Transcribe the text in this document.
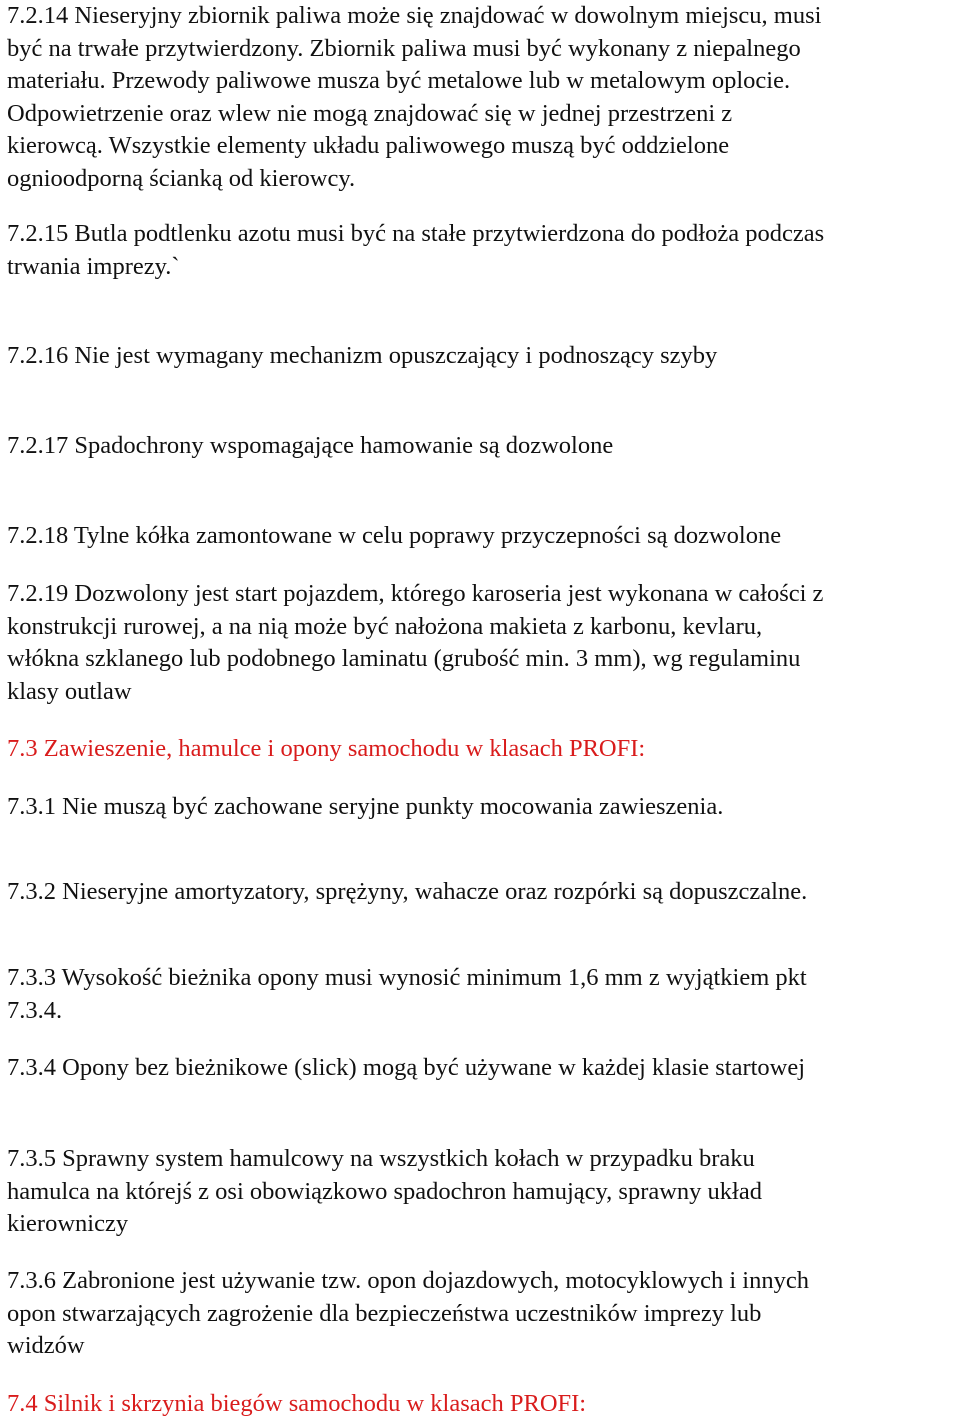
7.2.14 Nieseryjny zbiornik paliwa może się znajdować w dowolnym miejscu, musi
być na trwałe przytwierdzony. Zbiornik paliwa musi być wykonany z niepalnego
materiału. Przewody paliwowe musza być metalowe lub w metalowym oplocie.
Odpowietrzenie oraz wlew nie mogą znajdować się w jednej przestrzeni z
kierowcą. Wszystkie elementy układu paliwowego muszą być oddzielone
ognioodporną ścianką od kierowcy.

7.2.15 Butla podtlenku azotu musi być na stałe przytwierdzona do podłoża podczas
trwania imprezy.`

7.2.16 Nie jest wymagany mechanizm opuszczający i podnoszący szyby

7.2.17 Spadochrony wspomagające hamowanie są dozwolone

7.2.18 Tylne kółka zamontowane w celu poprawy przyczepności są dozwolone

7.2.19 Dozwolony jest start pojazdem, którego karoseria jest wykonana w całości z
konstrukcji rurowej, a na nią może być nałożona makieta z karbonu, kevlaru,
włókna szklanego lub podobnego laminatu (grubość min. 3 mm), wg regulaminu
klasy outlaw

7.3 Zawieszenie, hamulce i opony samochodu w klasach PROFI:

7.3.1 Nie muszą być zachowane seryjne punkty mocowania zawieszenia.

7.3.2 Nieseryjne amortyzatory, sprężyny, wahacze oraz rozpórki są dopuszczalne.

7.3.3 Wysokość bieżnika opony musi wynosić minimum 1,6 mm z wyjątkiem pkt
7.3.4.

7.3.4 Opony bez bieżnikowe (slick) mogą być używane w każdej klasie startowej

7.3.5 Sprawny system hamulcowy na wszystkich kołach w przypadku braku
hamulca na którejś z osi obowiązkowo spadochron hamujący, sprawny układ
kierowniczy

7.3.6 Zabronione jest używanie tzw. opon dojazdowych, motocyklowych i innych
opon stwarzających zagrożenie dla bezpieczeństwa uczestników imprezy lub
widzów

7.4 Silnik i skrzynia biegów samochodu w klasach PROFI:
